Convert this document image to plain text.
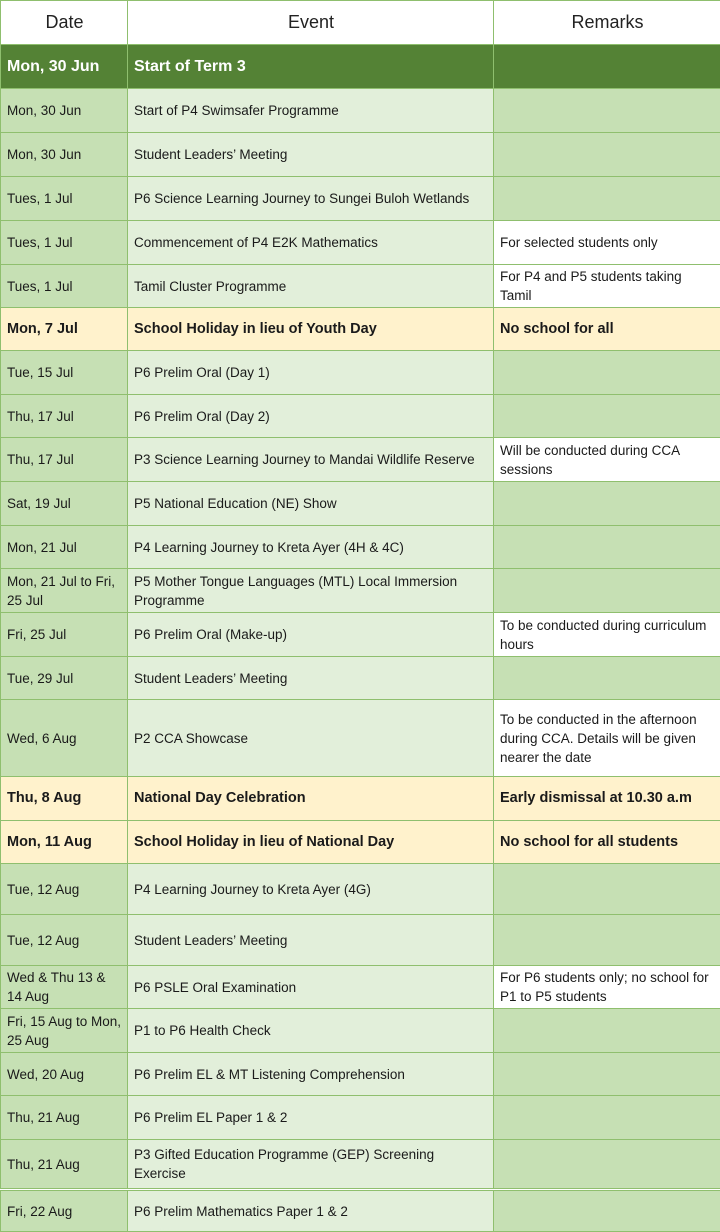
Date	Event	Remarks
Mon, 30 Jun	Start of Term 3	
Mon, 30 Jun	Start of P4 Swimsafer Programme	
Mon, 30 Jun	Student Leaders’ Meeting	
Tues, 1 Jul	P6 Science Learning Journey to Sungei Buloh Wetlands	
Tues, 1 Jul	Commencement of P4 E2K Mathematics	For selected students only
Tues, 1 Jul	Tamil Cluster Programme	For P4 and P5 students taking Tamil
Mon, 7 Jul	School Holiday in lieu of Youth Day	No school for all
Tue, 15 Jul	P6 Prelim Oral (Day 1)	
Thu, 17 Jul	P6 Prelim Oral (Day 2)	
Thu, 17 Jul	P3 Science Learning Journey to Mandai Wildlife Reserve	Will be conducted during CCA sessions
Sat, 19 Jul	P5 National Education (NE) Show	
Mon, 21 Jul	P4 Learning Journey to Kreta Ayer (4H & 4C)	
Mon, 21 Jul to Fri, 25 Jul	P5 Mother Tongue Languages (MTL) Local Immersion Programme	
Fri, 25 Jul	P6 Prelim Oral (Make-up)	To be conducted during curriculum hours
Tue, 29 Jul	Student Leaders’ Meeting	
Wed, 6 Aug	P2 CCA Showcase	To be conducted in the afternoon during CCA. Details will be given nearer the date
Thu, 8 Aug	National Day Celebration	Early dismissal at 10.30 a.m
Mon, 11 Aug	School Holiday in lieu of National Day	No school for all students
Tue, 12 Aug	P4 Learning Journey to Kreta Ayer (4G)	
Tue, 12 Aug	Student Leaders’ Meeting	
Wed & Thu 13 & 14 Aug	P6 PSLE Oral Examination	For P6 students only; no school for P1 to P5 students
Fri, 15 Aug to Mon, 25 Aug	P1 to P6 Health Check	
Wed, 20 Aug	P6 Prelim EL & MT Listening Comprehension	
Thu, 21 Aug	P6 Prelim EL Paper 1 & 2	
Thu, 21 Aug	P3 Gifted Education Programme (GEP) Screening Exercise	
Fri, 22 Aug	P6 Prelim Mathematics Paper 1 & 2	
